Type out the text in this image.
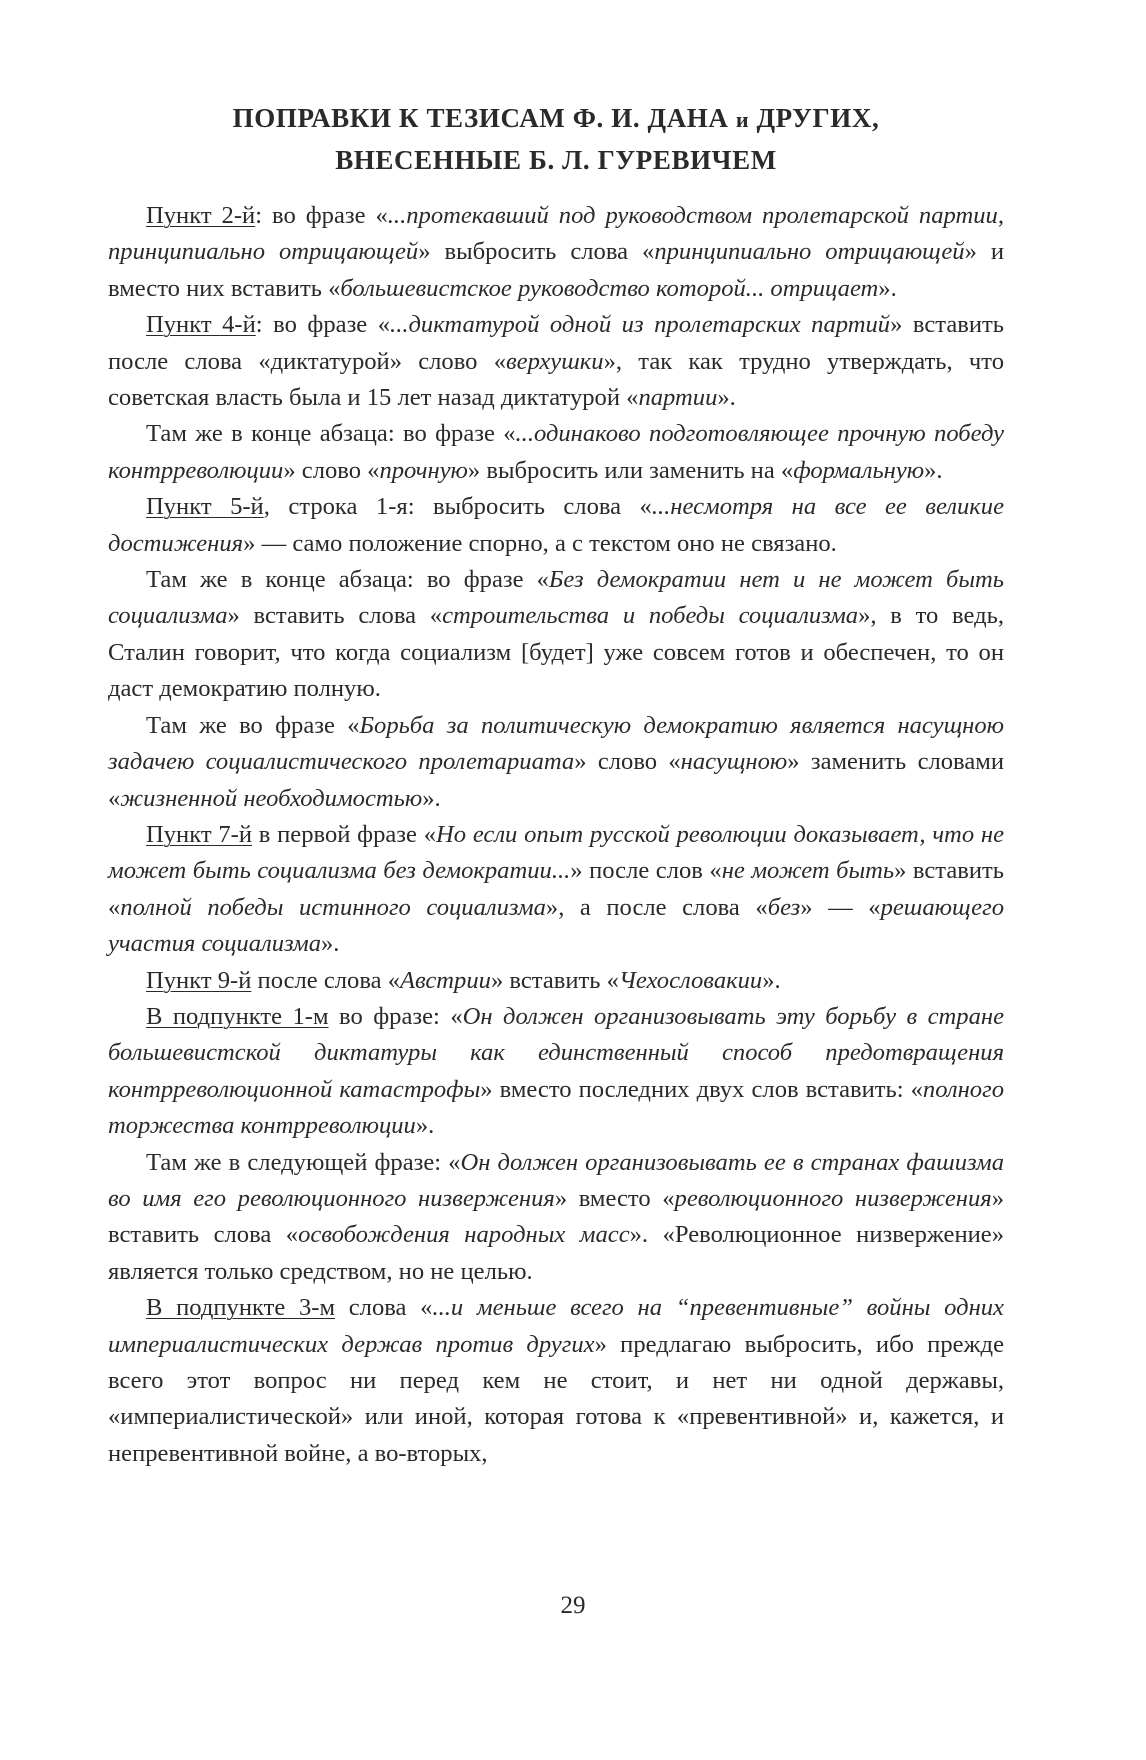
ПОПРАВКИ К ТЕЗИСАМ Ф. И. ДАНА и ДРУГИХ,
ВНЕСЕННЫЕ Б. Л. ГУРЕВИЧЕМ

Пункт 2-й: во фразе «...протекавший под руководством пролетарской партии, принципиально отрицающей» выбросить слова «принципиально отрицающей» и вместо них вставить «большевистское руководство которой... отрицает».

Пункт 4-й: во фразе «...диктатурой одной из пролетарских партий» вставить после слова «диктатурой» слово «верхушки», так как трудно утверждать, что советская власть была и 15 лет назад диктатурой «партии».

Там же в конце абзаца: во фразе «...одинаково подготовляющее прочную победу контрреволюции» слово «прочную» выбросить или заменить на «формальную».

Пункт 5-й, строка 1-я: выбросить слова «...несмотря на все ее великие достижения» — само положение спорно, а с текстом оно не связано.

Там же в конце абзаца: во фразе «Без демократии нет и не может быть социализма» вставить слова «строительства и победы социализма», в то ведь, Сталин говорит, что когда социализм [будет] уже совсем готов и обеспечен, то он даст демократию полную.

Там же во фразе «Борьба за политическую демократию является насущною задачею социалистического пролетариата» слово «насущною» заменить словами «жизненной необходимостью».

Пункт 7-й в первой фразе «Но если опыт русской революции доказывает, что не может быть социализма без демократии...» после слов «не может быть» вставить «полной победы истинного социализма», а после слова «без» — «решающего участия социализма».

Пункт 9-й после слова «Австрии» вставить «Чехословакии».

В подпункте 1-м во фразе: «Он должен организовывать эту борьбу в стране большевистской диктатуры как единственный способ предотвращения контрреволюционной катастрофы» вместо последних двух слов вставить: «полного торжества контрреволюции».

Там же в следующей фразе: «Он должен организовывать ее в странах фашизма во имя его революционного низвержения» вместо «революционного низвержения» вставить слова «освобождения народных масс». «Революционное низвержение» является только средством, но не целью.

В подпункте 3-м слова «...и меньше всего на “превентивные” войны одних империалистических держав против других» предлагаю выбросить, ибо прежде всего этот вопрос ни перед кем не стоит, и нет ни одной державы, «империалистической» или иной, которая готова к «превентивной» и, кажется, и непревентивной войне, а во-вторых,

29
